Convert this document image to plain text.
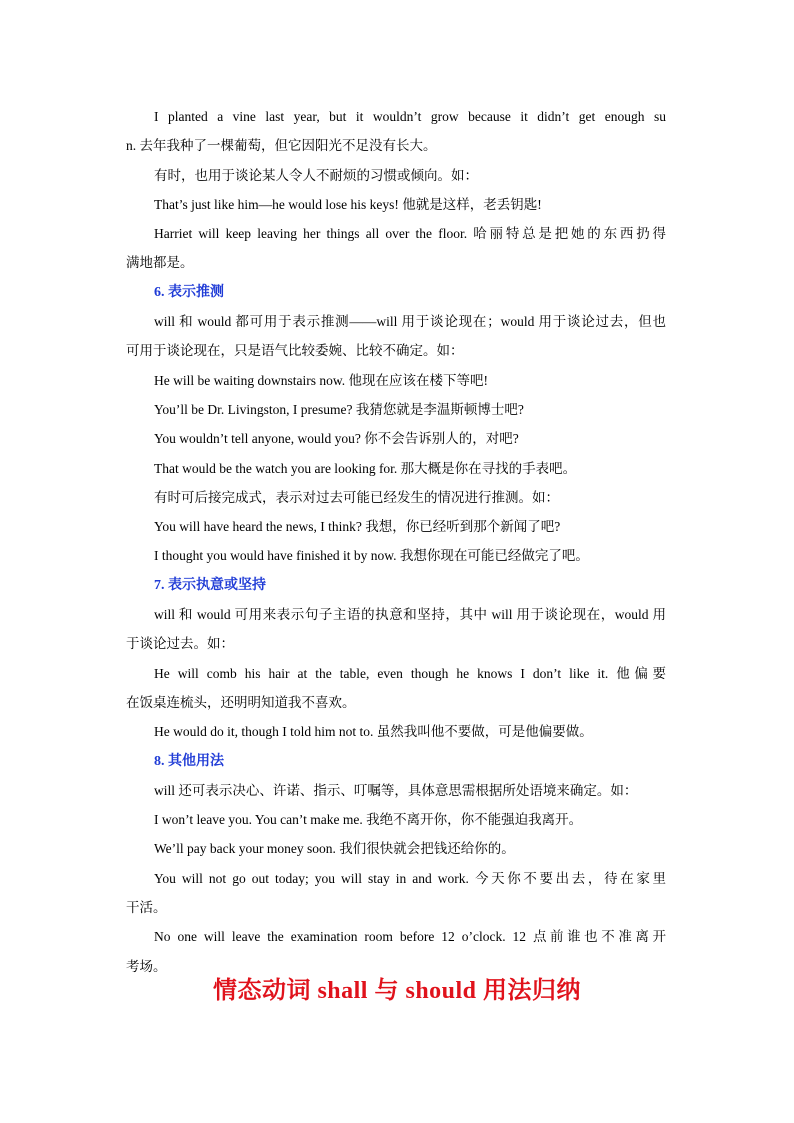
I planted a vine last year, but it wouldn’t grow because it didn’t get enough su
n. 去年我种了一棵葡萄，但它因阳光不足没有长大。
有时，也用于谈论某人令人不耐烦的习惯或倾向。如：
That’s just like him—he would lose his keys! 他就是这样，老丢钥匙!
Harriet will keep leaving her things all over the floor. 哈丽特总是把她的东西扔得
满地都是。
6. 表示推测
will 和 would 都可用于表示推测——will 用于谈论现在；would 用于谈论过去，但也
可用于谈论现在，只是语气比较委婉、比较不确定。如：
He will be waiting downstairs now. 他现在应该在楼下等吧!
You’ll be Dr. Livingston, I presume? 我猜您就是李温斯顿博士吧?
You wouldn’t tell anyone, would you? 你不会告诉别人的，对吧?
That would be the watch you are looking for. 那大概是你在寻找的手表吧。
有时可后接完成式，表示对过去可能已经发生的情况进行推测。如：
You will have heard the news, I think? 我想，你已经听到那个新闻了吧?
I thought you would have finished it by now. 我想你现在可能已经做完了吧。
7. 表示执意或坚持
will 和 would 可用来表示句子主语的执意和坚持，其中 will 用于谈论现在，would 用
于谈论过去。如：
He will comb his hair at the table, even though he knows I don’t like it. 他偏要
在饭桌连梳头，还明明知道我不喜欢。
He would do it, though I told him not to. 虽然我叫他不要做，可是他偏要做。
8. 其他用法
will 还可表示决心、许诺、指示、叮嘱等，具体意思需根据所处语境来确定。如：
I won’t leave you. You can’t make me. 我绝不离开你，你不能强迫我离开。
We’ll pay back your money soon. 我们很快就会把钱还给你的。
You will not go out today; you will stay in and work. 今天你不要出去，待在家里
干活。
No one will leave the examination room before 12 o’clock. 12 点前谁也不准离开
考场。
情态动词 shall 与 should 用法归纳
